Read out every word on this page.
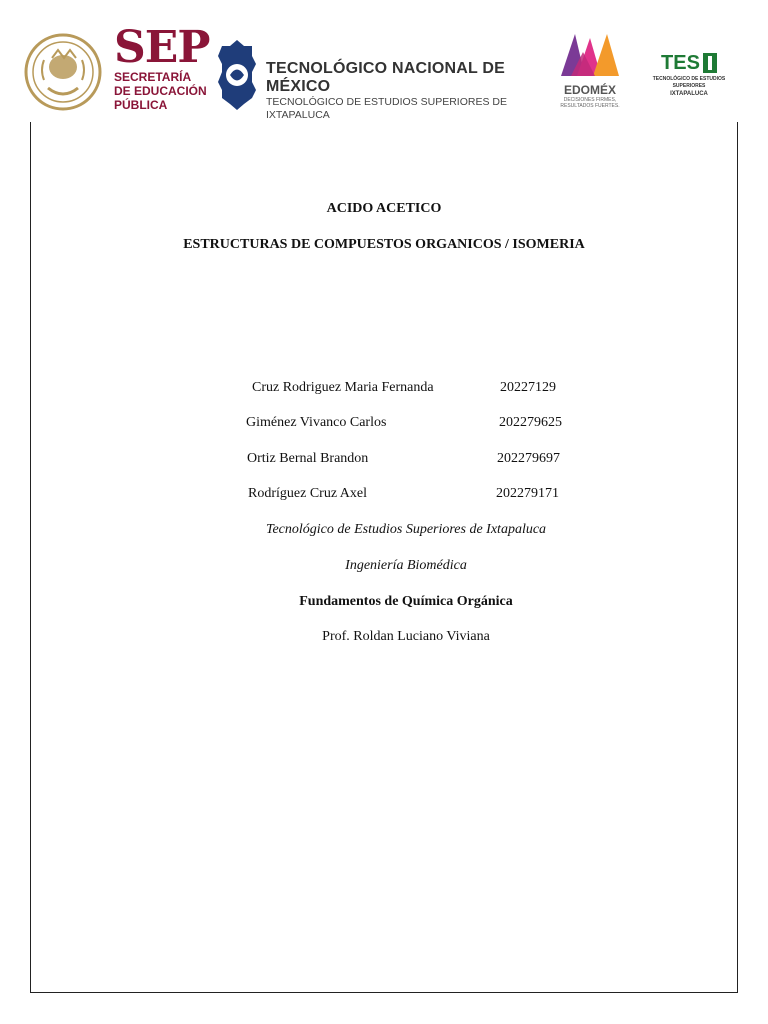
SEP
SECRETARÍA
DE EDUCACIÓN
PÚBLICA
TECNOLÓGICO NACIONAL DE MÉXICO
TECNOLÓGICO DE ESTUDIOS SUPERIORES DE IXTAPALUCA
EDOMÉX
DECISIONES FIRMES,
RESULTADOS FUERTES.
TES
TECNOLÓGICO DE ESTUDIOS SUPERIORES
IXTAPALUCA
ACIDO ACETICO
ESTRUCTURAS DE COMPUESTOS ORGANICOS / ISOMERIA
Cruz Rodriguez Maria Fernanda	20227129
Giménez Vivanco Carlos	202279625
Ortiz Bernal Brandon	202279697
Rodríguez Cruz Axel	202279171
Tecnológico de Estudios Superiores de Ixtapaluca
Ingeniería Biomédica
Fundamentos de Química Orgánica
Prof. Roldan Luciano Viviana
